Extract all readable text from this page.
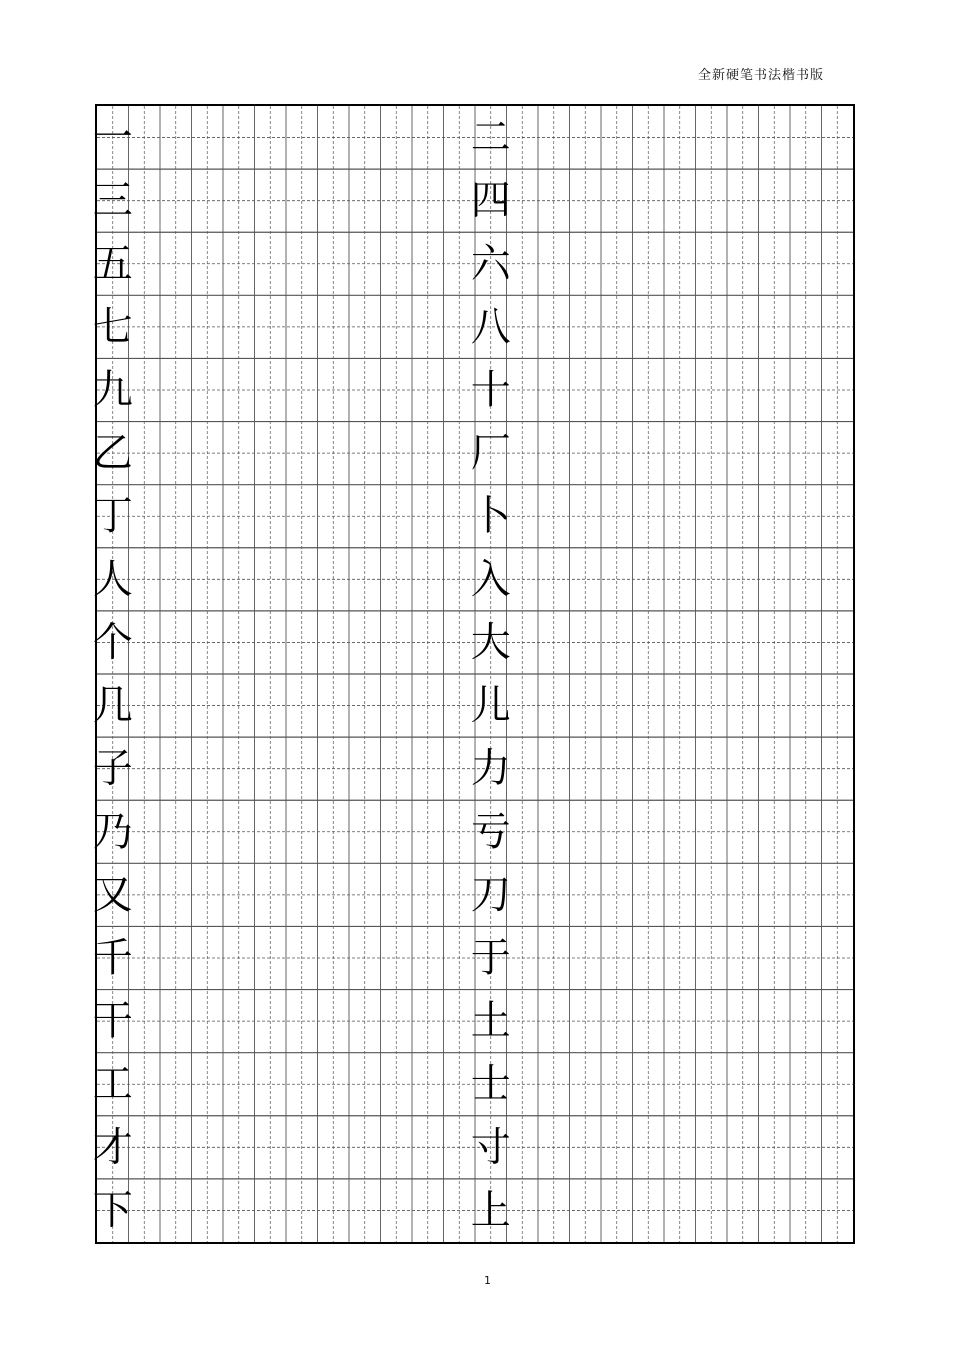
全新硬笔书法楷书版
一
三
五
七
九
乙
丁
人
个
几
子
乃
又
千
干
工
才
下
二
四
六
八
十
厂
卜
入
大
儿
力
亏
刀
于
土
士
寸
上
1
